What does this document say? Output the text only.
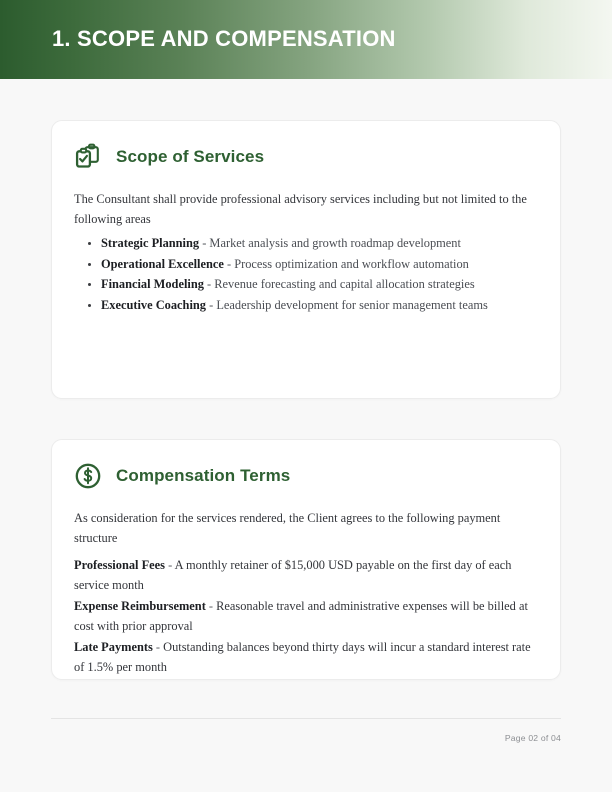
1. SCOPE AND COMPENSATION
Scope of Services

The Consultant shall provide professional advisory services including but not limited to the following areas

Strategic Planning - Market analysis and growth roadmap development
Operational Excellence - Process optimization and workflow automation
Financial Modeling - Revenue forecasting and capital allocation strategies
Executive Coaching - Leadership development for senior management teams
Compensation Terms

As consideration for the services rendered, the Client agrees to the following payment structure

Professional Fees - A monthly retainer of $15,000 USD payable on the first day of each service month

Expense Reimbursement - Reasonable travel and administrative expenses will be billed at cost with prior approval

Late Payments - Outstanding balances beyond thirty days will incur a standard interest rate of 1.5% per month

Page 02 of 04
